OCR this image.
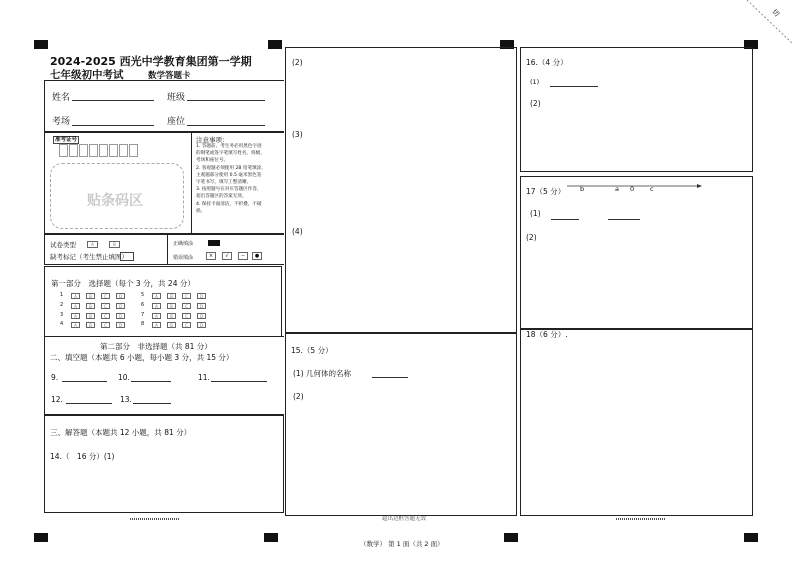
切
2024-2025 西光中学教育集团第一学期
七年级初中考试	数学答题卡
姓名	班级
考场	座位
准考证号
贴条码区
注意事项：
1. 答题前，考生务必用黑色字迹
的钢笔或签字笔填写姓名、班级、
考场和座位号。
2. 客观题必须使用 2B 铅笔填涂，
主观题部分使用 0.5 毫米黑色签
字笔书写，填写工整清晰。
3. 按照题号在对应答题区作答，
超出答题区的答案无效。
4. 保持卡面清洁，不折叠，不破
损。
试卷类型	A	B
缺考标记（考生禁止填图）
正确填涂
错误填涂	×	√	−	●
第一部分　选择题（每个 3 分，共 24 分）
1	A	B	C	D
2	A	B	C	D
3	A	B	C	D
4	A	B	C	D
5	A	B	C	D
6	A	B	C	D
7	A	B	C	D
8	A	B	C	D
第二部分　非选择题（共 81 分）
二、填空题（本题共 6 小题，每小题 3 分，共 15 分）
9.	10.	11.
12.	13.
三、解答题（本题共 12 小题，共 81 分）
14.（　16 分）(1)
(2)
(3)
(4)
15.（5 分）
(1) 几何体的名称
(2)
超出边框答题无效
16.（4 分）
(1)
(2)
17（5 分） b	a 0 c
(1)
(2)
18（6 分）.
（数学） 第 1 面（共 2 面）
